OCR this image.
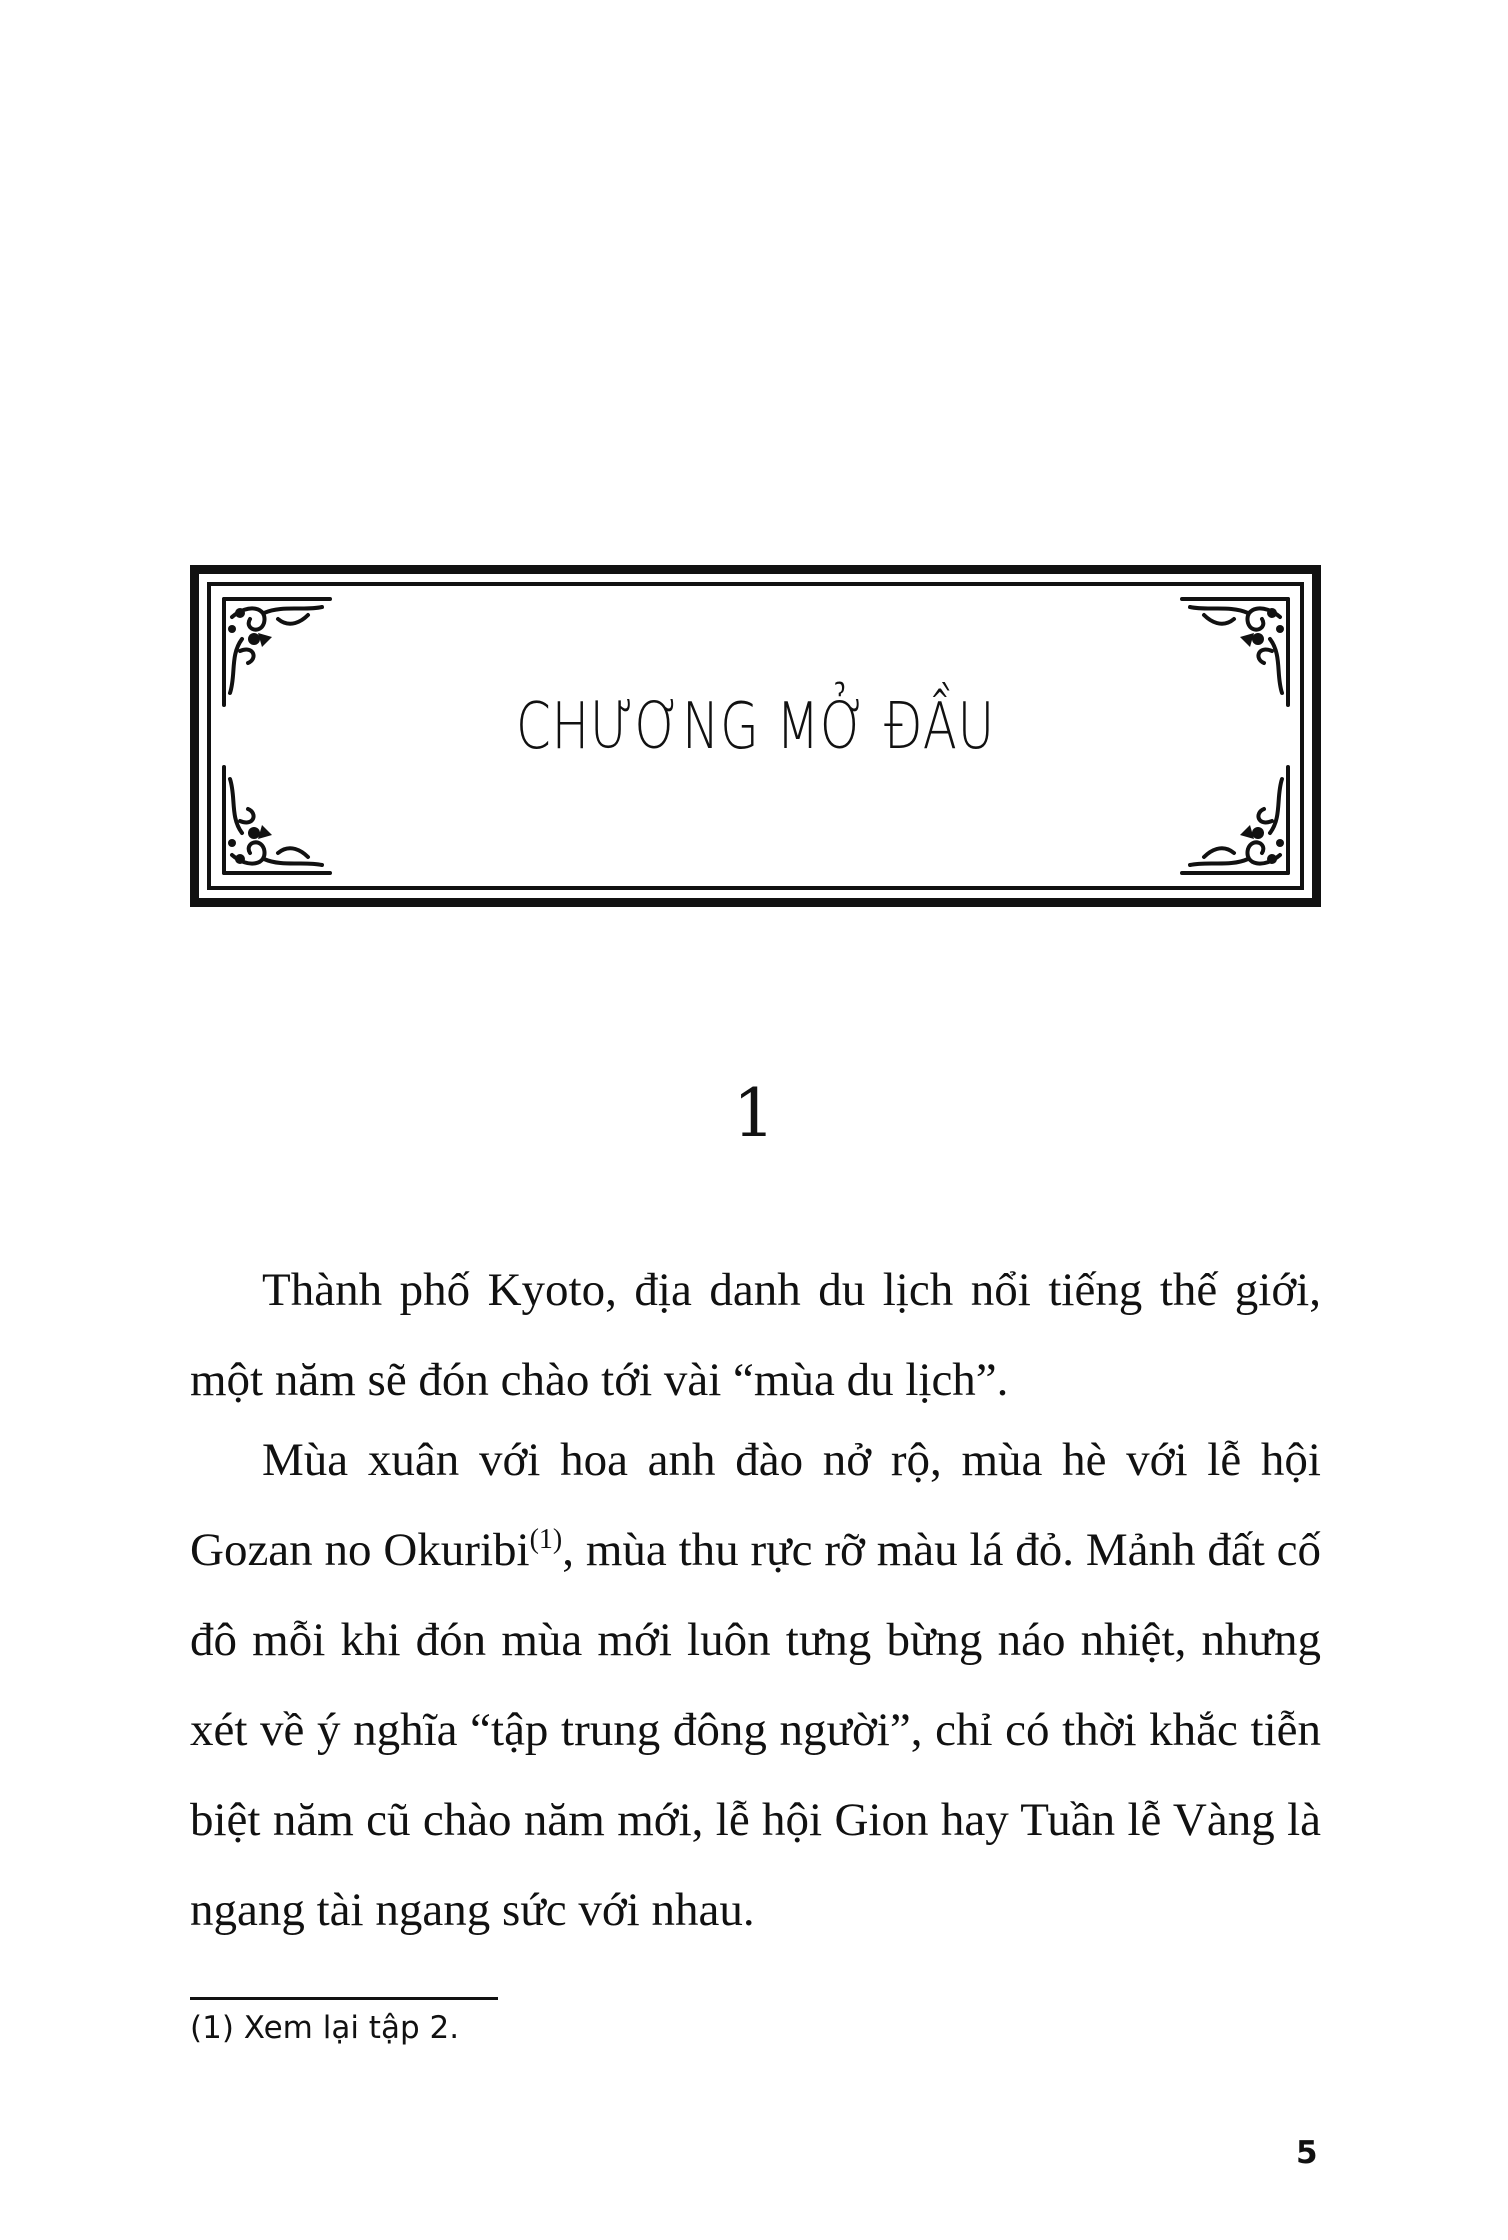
CHƯƠNG MỞ ĐẦU
1

Thành phố Kyoto, địa danh du lịch nổi tiếng thế giới, một năm sẽ đón chào tới vài “mùa du lịch”.

Mùa xuân với hoa anh đào nở rộ, mùa hè với lễ hội Gozan no Okuribi$^{(1)}$, mùa thu rực rỡ màu lá đỏ. Mảnh đất cố đô mỗi khi đón mùa mới luôn tưng bừng náo nhiệt, nhưng xét về ý nghĩa “tập trung đông người”, chỉ có thời khắc tiễn biệt năm cũ chào năm mới, lễ hội Gion hay Tuần lễ Vàng là ngang tài ngang sức với nhau.

(1) Xem lại tập 2.
5
